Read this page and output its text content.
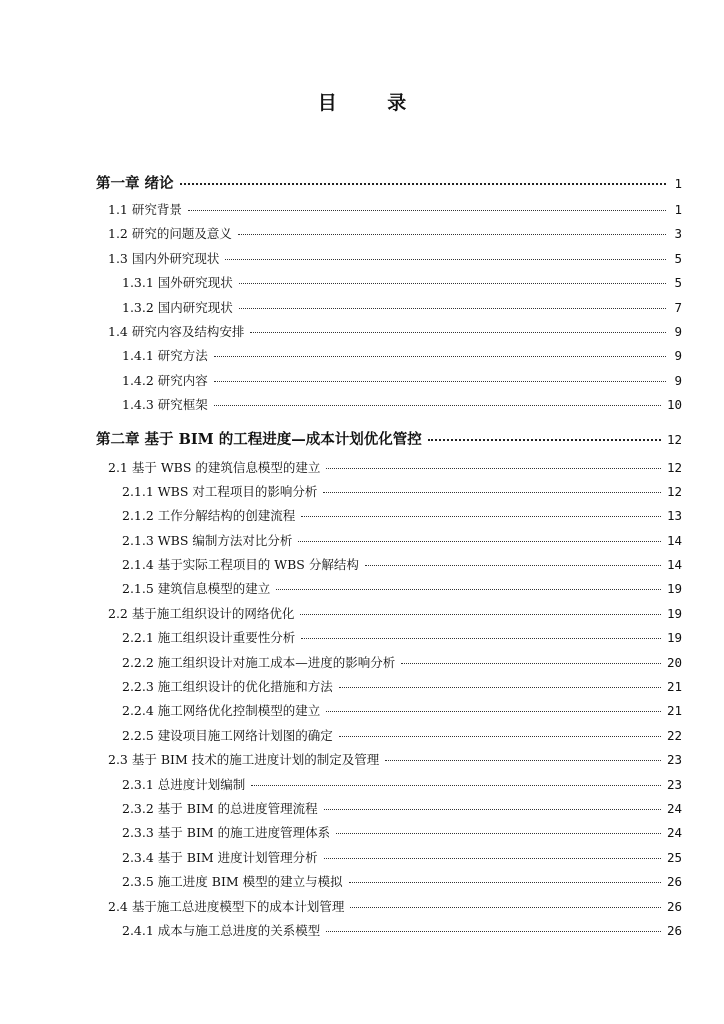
目 录
第一章 绪论	1
1.1 研究背景	1
1.2 研究的问题及意义	3
1.3 国内外研究现状	5
1.3.1 国外研究现状	5
1.3.2 国内研究现状	7
1.4 研究内容及结构安排	9
1.4.1 研究方法	9
1.4.2 研究内容	9
1.4.3 研究框架	10
第二章 基于 BIM 的工程进度—成本计划优化管控	12
2.1 基于 WBS 的建筑信息模型的建立	12
2.1.1 WBS 对工程项目的影响分析	12
2.1.2 工作分解结构的创建流程	13
2.1.3 WBS 编制方法对比分析	14
2.1.4 基于实际工程项目的 WBS 分解结构	14
2.1.5 建筑信息模型的建立	19
2.2 基于施工组织设计的网络优化	19
2.2.1 施工组织设计重要性分析	19
2.2.2 施工组织设计对施工成本—进度的影响分析	20
2.2.3 施工组织设计的优化措施和方法	21
2.2.4 施工网络优化控制模型的建立	21
2.2.5 建设项目施工网络计划图的确定	22
2.3 基于 BIM 技术的施工进度计划的制定及管理	23
2.3.1 总进度计划编制	23
2.3.2 基于 BIM 的总进度管理流程	24
2.3.3 基于 BIM 的施工进度管理体系	24
2.3.4 基于 BIM 进度计划管理分析	25
2.3.5 施工进度 BIM 模型的建立与模拟	26
2.4 基于施工总进度模型下的成本计划管理	26
2.4.1 成本与施工总进度的关系模型	26
